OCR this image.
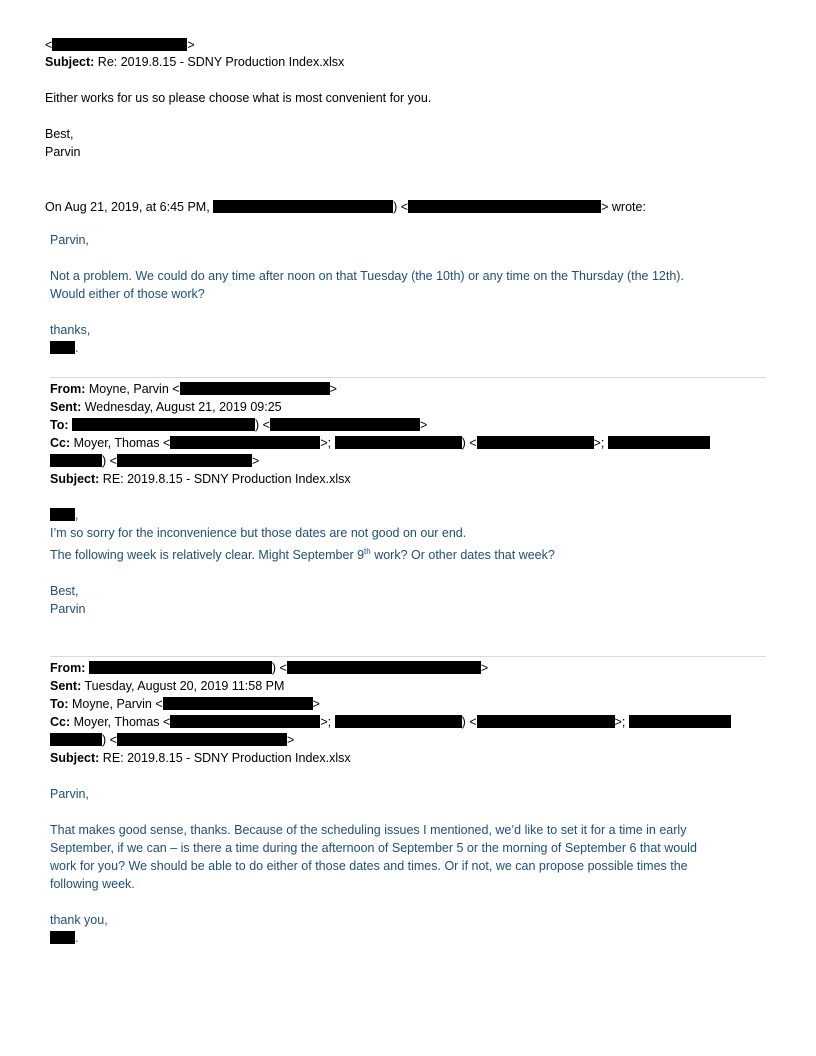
<	>
Subject: Re: 2019.8.15 - SDNY Production Index.xlsx
Either works for us so please choose what is most convenient for you.
Best,
Parvin
On Aug 21, 2019, at 6:45 PM,	) <	> wrote:
Parvin,
Not a problem. We could do any time after noon on that Tuesday (the 10th) or any time on the Thursday (the 12th).
Would either of those work?
thanks,
.
From: Moyne, Parvin <	>
Sent: Wednesday, August 21, 2019 09:25
To:	) <	>
Cc: Moyer, Thomas <	>;	) <	>;
) <	>
Subject: RE: 2019.8.15 - SDNY Production Index.xlsx
,
I’m so sorry for the inconvenience but those dates are not good on our end.
The following week is relatively clear. Might September 9th work? Or other dates that week?
Best,
Parvin
From:	) <	>
Sent: Tuesday, August 20, 2019 11:58 PM
To: Moyne, Parvin <	>
Cc: Moyer, Thomas <	>;	) <	>;
) <	>
Subject: RE: 2019.8.15 - SDNY Production Index.xlsx
Parvin,
That makes good sense, thanks. Because of the scheduling issues I mentioned, we’d like to set it for a time in early
September, if we can – is there a time during the afternoon of September 5 or the morning of September 6 that would
work for you? We should be able to do either of those dates and times. Or if not, we can propose possible times the
following week.
thank you,
.
